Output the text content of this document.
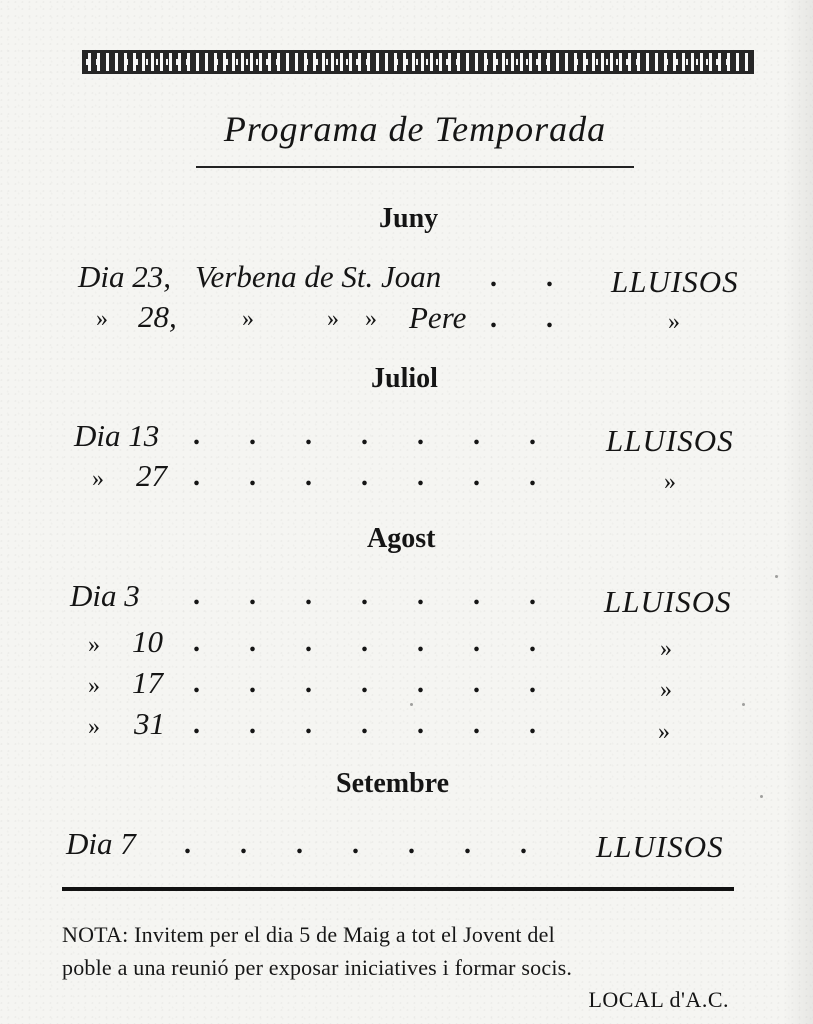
Programa de Temporada
Juny
Dia 23, Verbena de St. Joan .       . LLUISOS
» 28,	»	» » Pere .       .	»
Juliol
Dia 13 .       .       .       .       .       .       . LLUISOS
» 27 .       .       .       .       .       .       .	»
Agost
Dia 3 .       .       .       .       .       .       . LLUISOS
» 10 .       .       .       .       .       .       .	»
» 17 .       .       .       .       .       .       .	»
» 31 .       .       .       .       .       .       .	»
Setembre
Dia 7 .       .       .       .       .       .       . LLUISOS
NOTA: Invitem per el dia 5 de Maig a tot el Jovent del
poble a una reunió per exposar iniciatives i formar socis.
LOCAL d'A.C.
